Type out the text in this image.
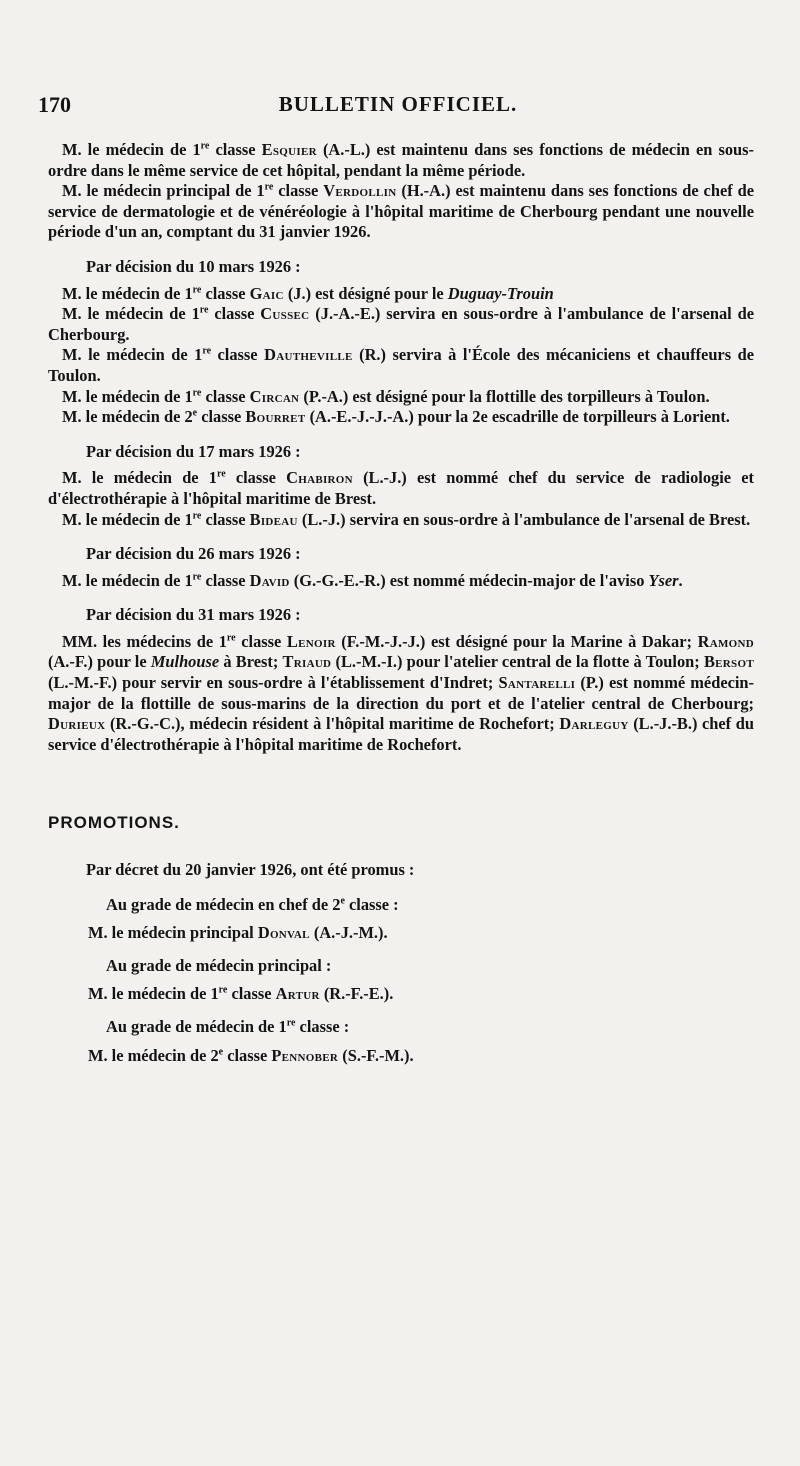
170	BULLETIN OFFICIEL.

M. le médecin de 1re classe Esquier (A.-L.) est maintenu dans ses fonctions de médecin en sous-ordre dans le même service de cet hôpital, pendant la même période.

M. le médecin principal de 1re classe Verdollin (H.-A.) est maintenu dans ses fonctions de chef de service de dermatologie et de vénéréologie à l'hôpital maritime de Cherbourg pendant une nouvelle période d'un an, comptant du 31 janvier 1926.

Par décision du 10 mars 1926 :

M. le médecin de 1re classe Gaic (J.) est désigné pour le Duguay-Trouin

M. le médecin de 1re classe Cussec (J.-A.-E.) servira en sous-ordre à l'ambulance de l'arsenal de Cherbourg.

M. le médecin de 1re classe Dautheville (R.) servira à l'École des mécaniciens et chauffeurs de Toulon.

M. le médecin de 1re classe Circan (P.-A.) est désigné pour la flottille des torpilleurs à Toulon.

M. le médecin de 2e classe Bourret (A.-E.-J.-J.-A.) pour la 2e escadrille de torpilleurs à Lorient.

Par décision du 17 mars 1926 :

M. le médecin de 1re classe Chabiron (L.-J.) est nommé chef du service de radiologie et d'électrothérapie à l'hôpital maritime de Brest.

M. le médecin de 1re classe Bideau (L.-J.) servira en sous-ordre à l'ambulance de l'arsenal de Brest.

Par décision du 26 mars 1926 :

M. le médecin de 1re classe David (G.-G.-E.-R.) est nommé médecin-major de l'aviso Yser.

Par décision du 31 mars 1926 :

MM. les médecins de 1re classe Lenoir (F.-M.-J.-J.) est désigné pour la Marine à Dakar; Ramond (A.-F.) pour le Mulhouse à Brest; Triaud (L.-M.-I.) pour l'atelier central de la flotte à Toulon; Bersot (L.-M.-F.) pour servir en sous-ordre à l'établissement d'Indret; Santarelli (P.) est nommé médecin-major de la flottille de sous-marins de la direction du port et de l'atelier central de Cherbourg; Durieux (R.-G.-C.), médecin résident à l'hôpital maritime de Rochefort; Darleguy (L.-J.-B.) chef du service d'électrothérapie à l'hôpital maritime de Rochefort.

PROMOTIONS.

Par décret du 20 janvier 1926, ont été promus :

Au grade de médecin en chef de 2e classe :

M. le médecin principal Donval (A.-J.-M.).

Au grade de médecin principal :

M. le médecin de 1re classe Artur (R.-F.-E.).

Au grade de médecin de 1re classe :

M. le médecin de 2e classe Pennober (S.-F.-M.).
